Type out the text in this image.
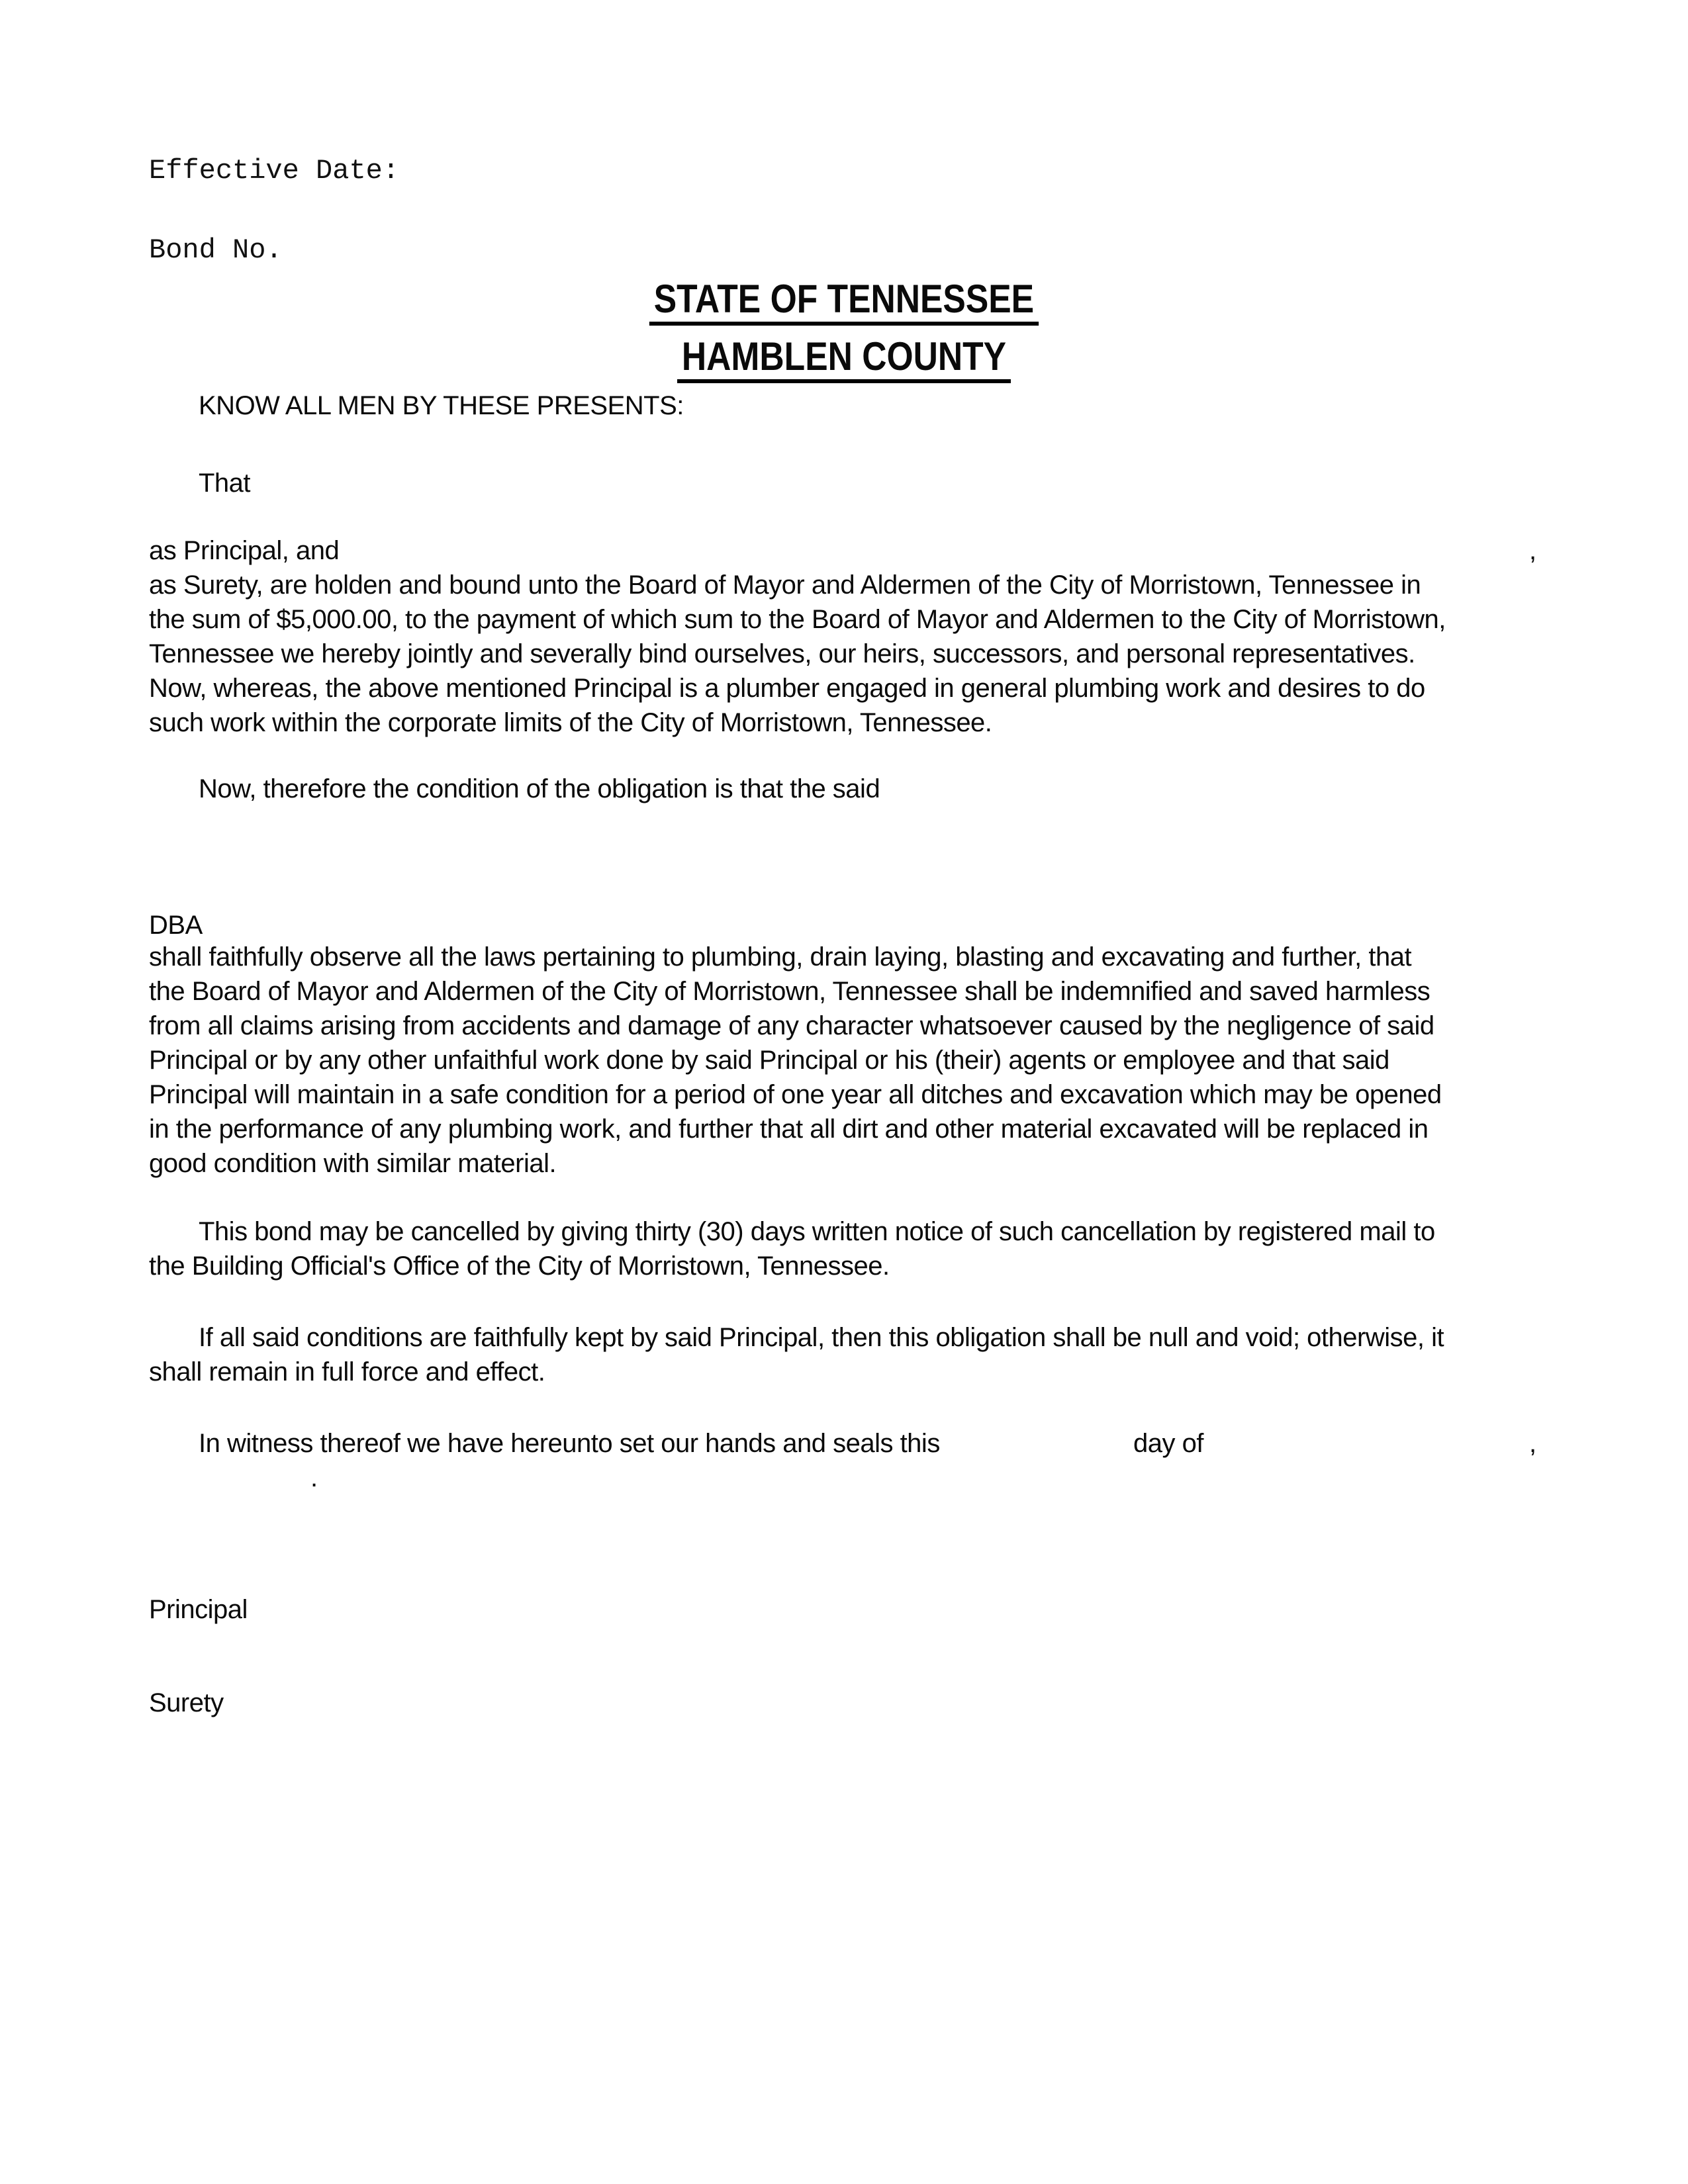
Effective Date:
Bond No.
STATE OF TENNESSEE
HAMBLEN COUNTY
KNOW ALL MEN BY THESE PRESENTS:
That
as Principal, and	,
as Surety, are holden and bound unto the Board of Mayor and Aldermen of the City of Morristown, Tennessee in
the sum of $5,000.00, to the payment of which sum to the Board of Mayor and Aldermen to the City of Morristown,
Tennessee we hereby jointly and severally bind ourselves, our heirs, successors, and personal representatives.
Now, whereas, the above mentioned Principal is a plumber engaged in general plumbing work and desires to do
such work within the corporate limits of the City of Morristown, Tennessee.
Now, therefore the condition of the obligation is that the said
DBA
shall faithfully observe all the laws pertaining to plumbing, drain laying, blasting and excavating and further, that
the Board of Mayor and Aldermen of the City of Morristown, Tennessee shall be indemnified and saved harmless
from all claims arising from accidents and damage of any character whatsoever caused by the negligence of said
Principal or by any other unfaithful work done by said Principal or his (their) agents or employee and that said
Principal will maintain in a safe condition for a period of one year all ditches and excavation which may be opened
in the performance of any plumbing work, and further that all dirt and other material excavated will be replaced in
good condition with similar material.
This bond may be cancelled by giving thirty (30) days written notice of such cancellation by registered mail to
the Building Official's Office of the City of Morristown, Tennessee.
If all said conditions are faithfully kept by said Principal, then this obligation shall be null and void; otherwise, it
shall remain in full force and effect.
In witness thereof we have hereunto set our hands and seals this	day of	,
.
Principal
Surety
